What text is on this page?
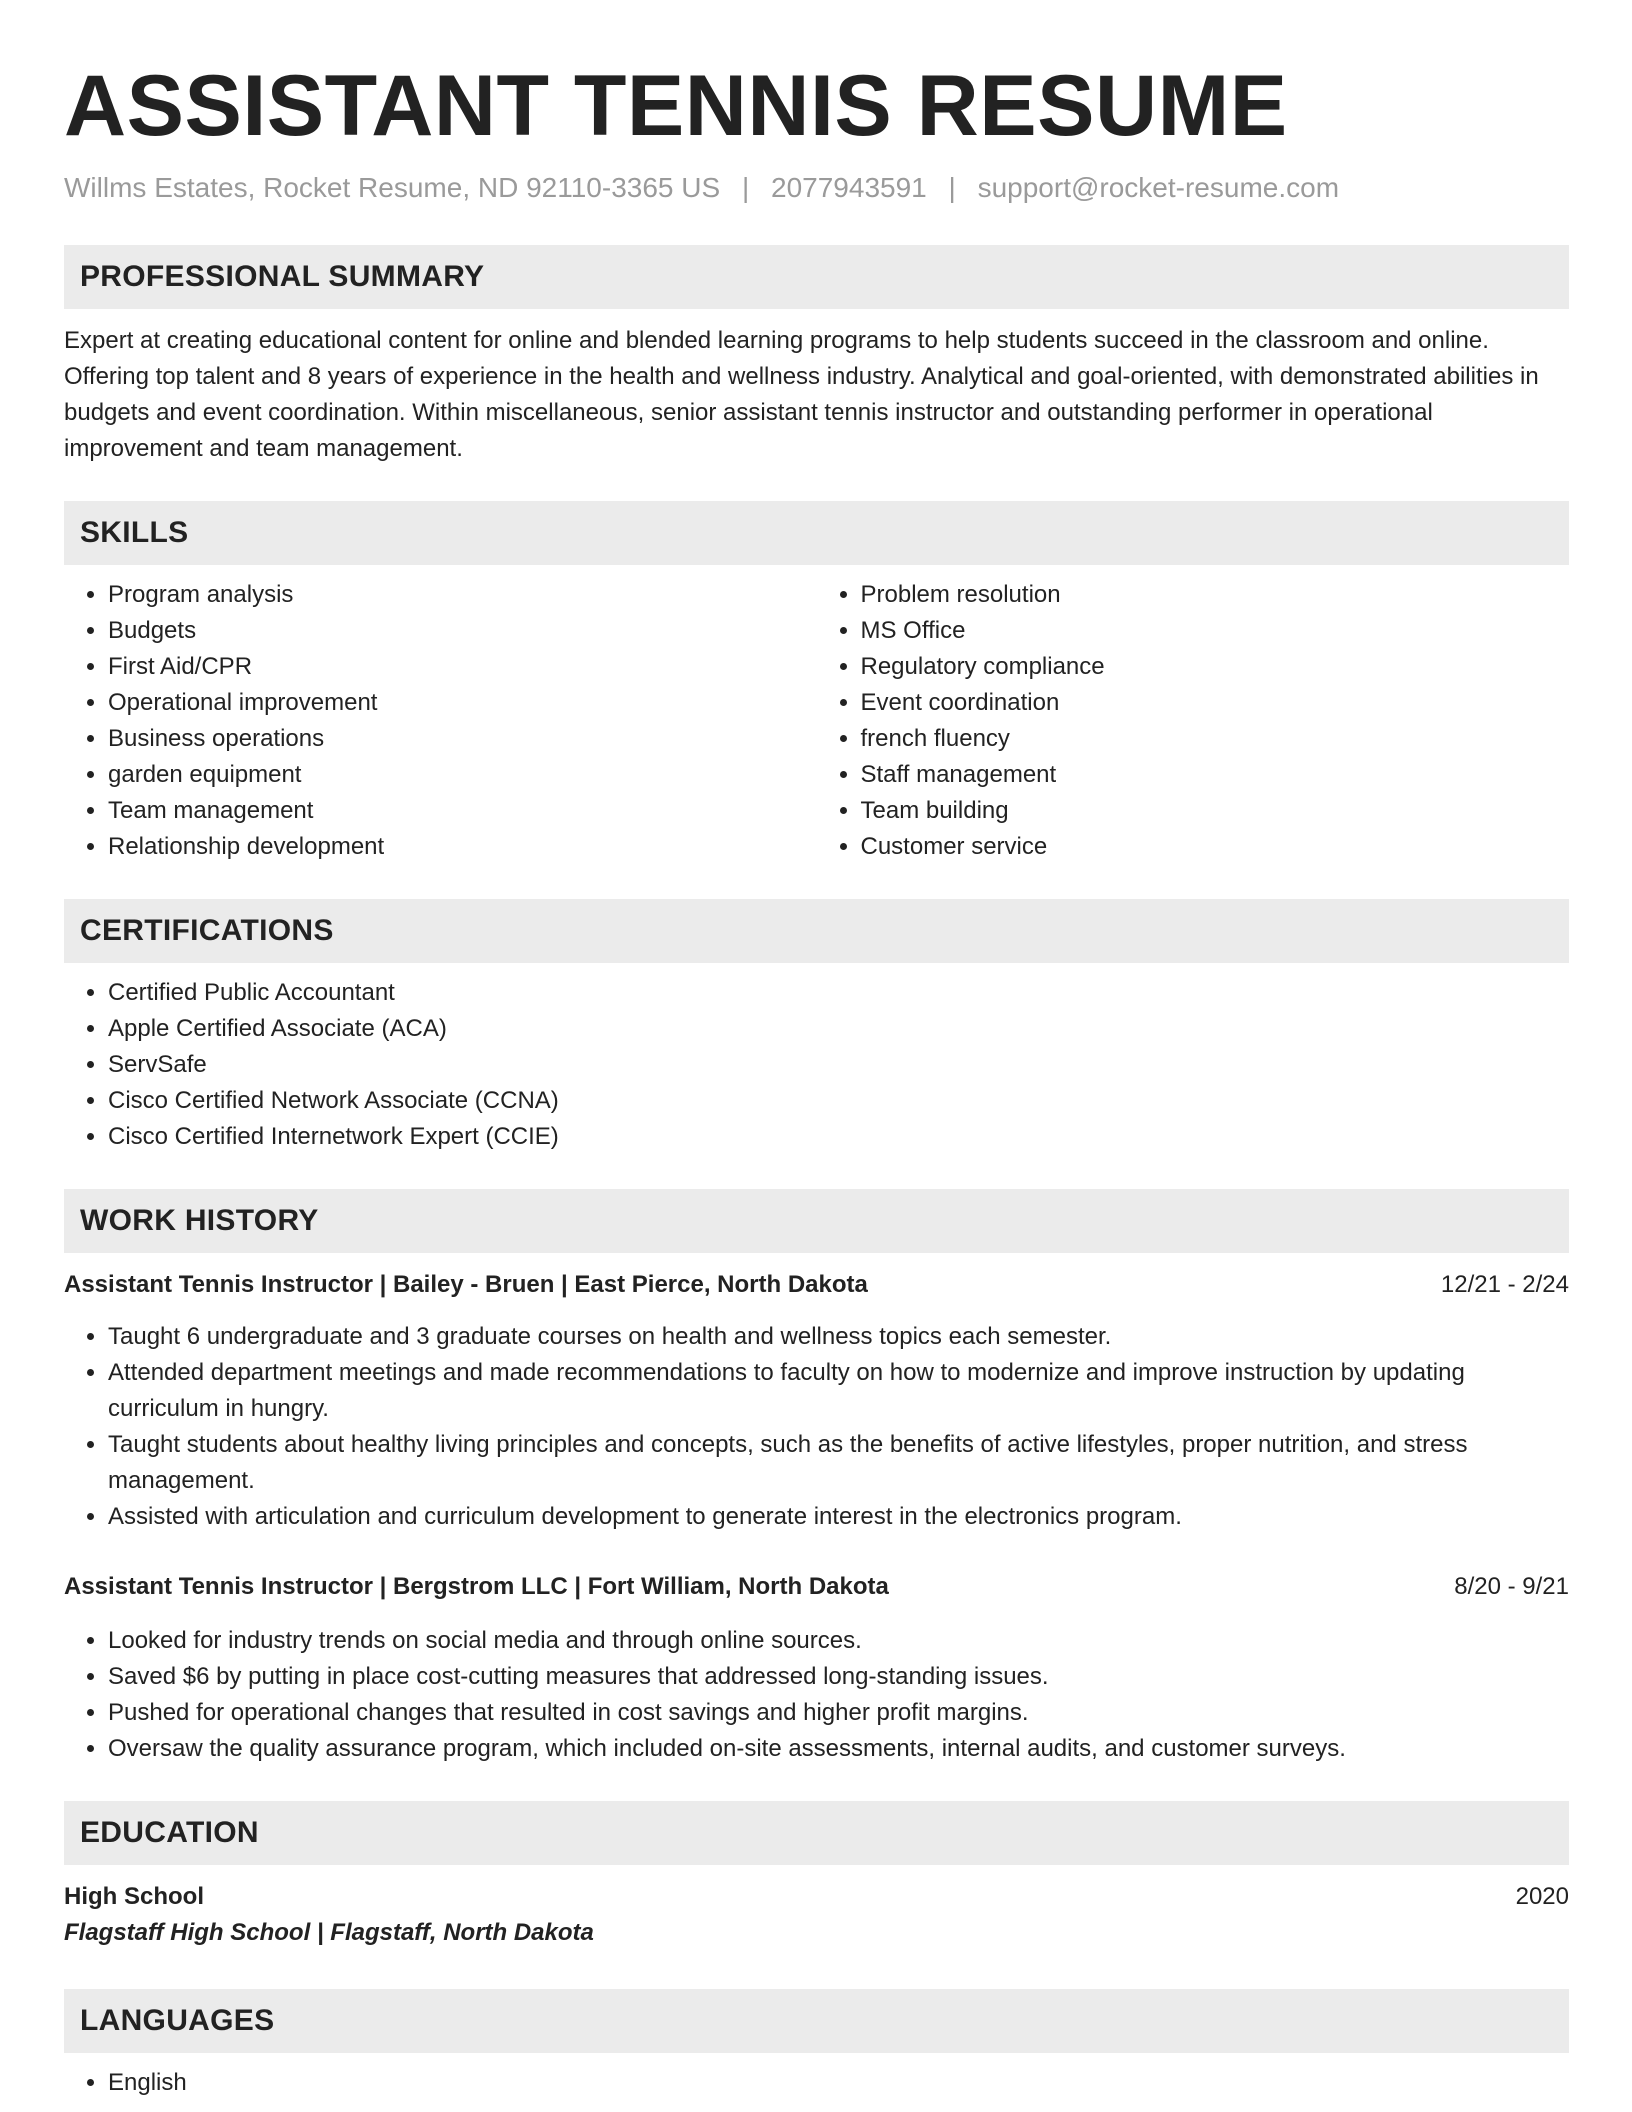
ASSISTANT TENNIS RESUME
Willms Estates, Rocket Resume, ND 92110-3365 US | 2077943591 | support@rocket-resume.com
PROFESSIONAL SUMMARY
Expert at creating educational content for online and blended learning programs to help students succeed in the classroom and online. Offering top talent and 8 years of experience in the health and wellness industry. Analytical and goal-oriented, with demonstrated abilities in budgets and event coordination. Within miscellaneous, senior assistant tennis instructor and outstanding performer in operational improvement and team management.
SKILLS
• Program analysis
• Budgets
• First Aid/CPR
• Operational improvement
• Business operations
• garden equipment
• Team management
• Relationship development
• Problem resolution
• MS Office
• Regulatory compliance
• Event coordination
• french fluency
• Staff management
• Team building
• Customer service
CERTIFICATIONS
• Certified Public Accountant
• Apple Certified Associate (ACA)
• ServSafe
• Cisco Certified Network Associate (CCNA)
• Cisco Certified Internetwork Expert (CCIE)
WORK HISTORY
Assistant Tennis Instructor | Bailey - Bruen | East Pierce, North Dakota	12/21 - 2/24
• Taught 6 undergraduate and 3 graduate courses on health and wellness topics each semester.
• Attended department meetings and made recommendations to faculty on how to modernize and improve instruction by updating curriculum in hungry.
• Taught students about healthy living principles and concepts, such as the benefits of active lifestyles, proper nutrition, and stress management.
• Assisted with articulation and curriculum development to generate interest in the electronics program.
Assistant Tennis Instructor | Bergstrom LLC | Fort William, North Dakota	8/20 - 9/21
• Looked for industry trends on social media and through online sources.
• Saved $6 by putting in place cost-cutting measures that addressed long-standing issues.
• Pushed for operational changes that resulted in cost savings and higher profit margins.
• Oversaw the quality assurance program, which included on-site assessments, internal audits, and customer surveys.
EDUCATION
High School	2020
Flagstaff High School | Flagstaff, North Dakota
LANGUAGES
• English
